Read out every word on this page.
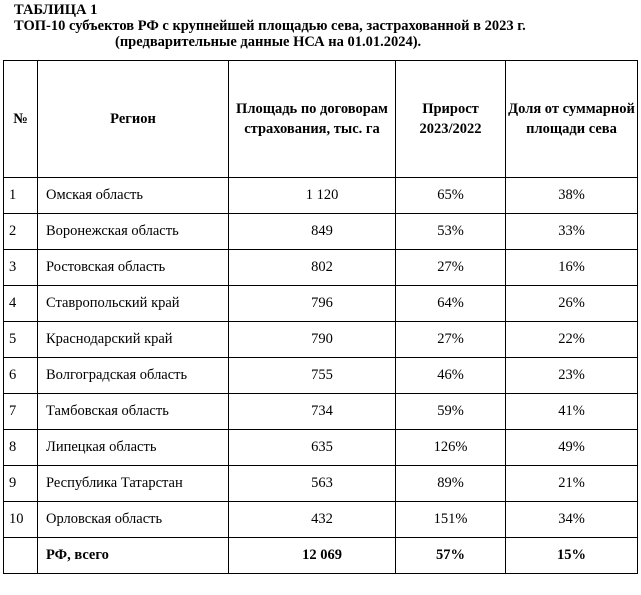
ТАБЛИЦА 1
ТОП-10 субъектов РФ с крупнейшей площадью сева, застрахованной в 2023 г.
(предварительные данные НСА на 01.01.2024).
№	Регион	Площадь по договорам страхования, тыс. га	Прирост 2023/2022	Доля от суммарной площади сева
1	Омская область	1 120	65%	38%
2	Воронежская область	849	53%	33%
3	Ростовская область	802	27%	16%
4	Ставропольский край	796	64%	26%
5	Краснодарский край	790	27%	22%
6	Волгоградская область	755	46%	23%
7	Тамбовская область	734	59%	41%
8	Липецкая область	635	126%	49%
9	Республика Татарстан	563	89%	21%
10	Орловская область	432	151%	34%
	РФ, всего	12 069	57%	15%
